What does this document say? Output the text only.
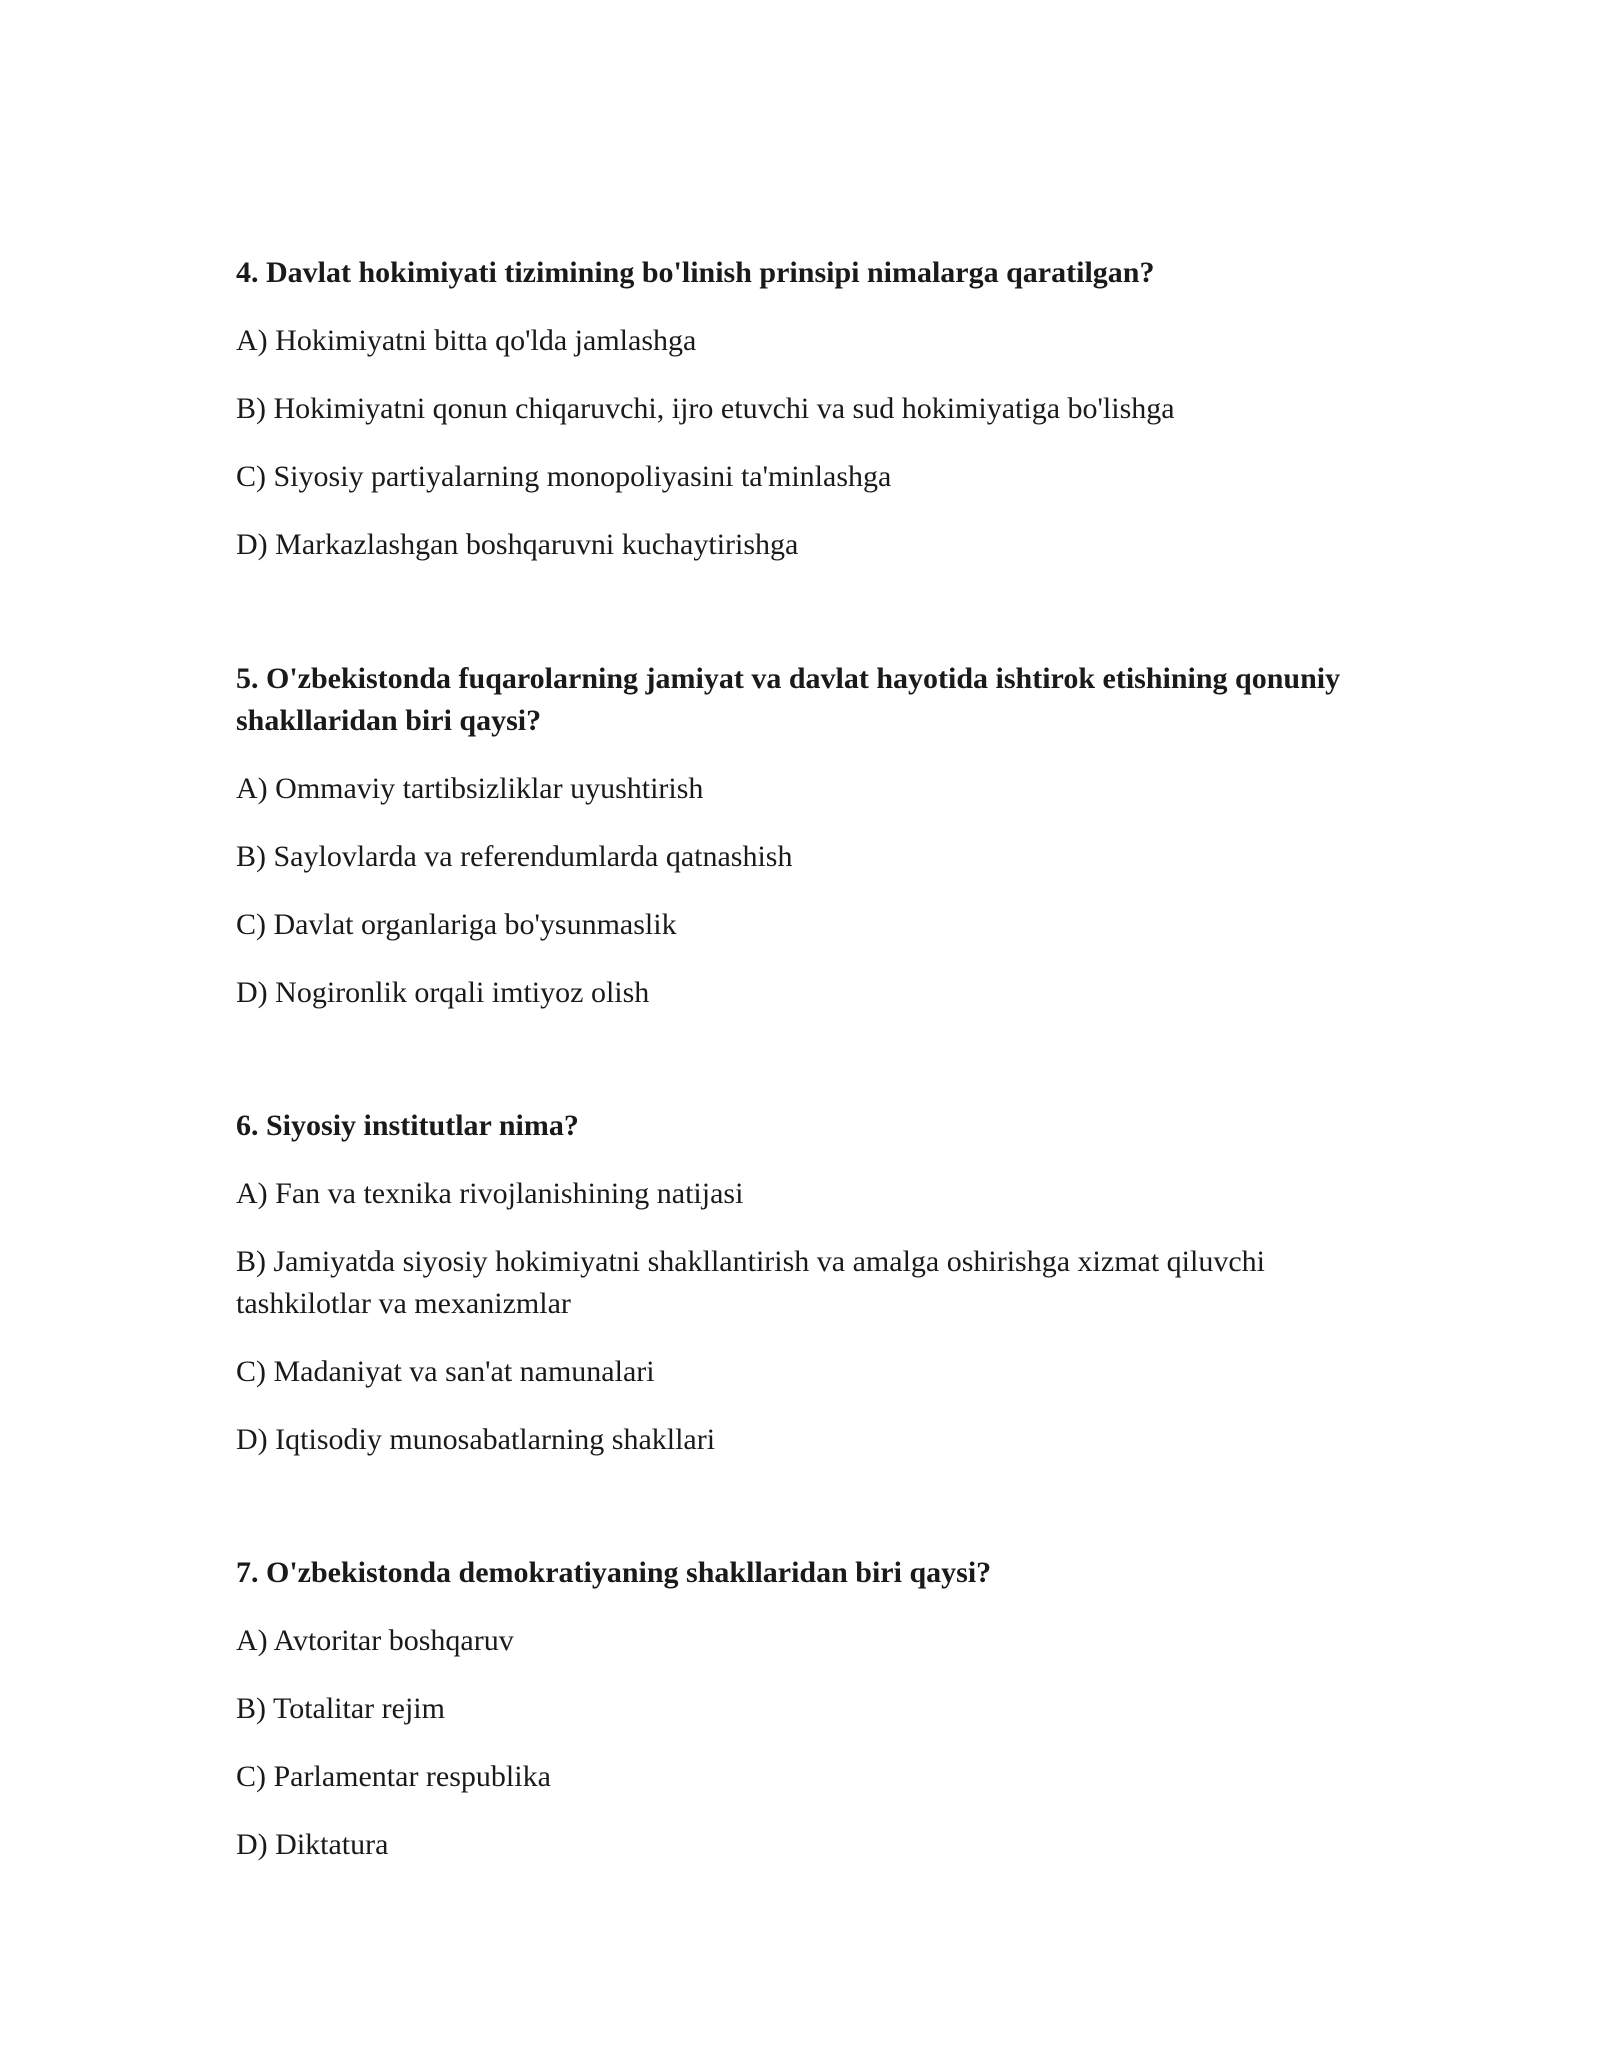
4. Davlat hokimiyati tizimining bo'linish prinsipi nimalarga qaratilgan?

A) Hokimiyatni bitta qo'lda jamlashga

B) Hokimiyatni qonun chiqaruvchi, ijro etuvchi va sud hokimiyatiga bo'lishga

C) Siyosiy partiyalarning monopoliyasini ta'minlashga

D) Markazlashgan boshqaruvni kuchaytirishga

5. O'zbekistonda fuqarolarning jamiyat va davlat hayotida ishtirok etishining qonuniy shakllaridan biri qaysi?

A) Ommaviy tartibsizliklar uyushtirish

B) Saylovlarda va referendumlarda qatnashish

C) Davlat organlariga bo'ysunmaslik

D) Nogironlik orqali imtiyoz olish

6. Siyosiy institutlar nima?

A) Fan va texnika rivojlanishining natijasi

B) Jamiyatda siyosiy hokimiyatni shakllantirish va amalga oshirishga xizmat qiluvchi tashkilotlar va mexanizmlar

C) Madaniyat va san'at namunalari

D) Iqtisodiy munosabatlarning shakllari

7. O'zbekistonda demokratiyaning shakllaridan biri qaysi?

A) Avtoritar boshqaruv

B) Totalitar rejim

C) Parlamentar respublika

D) Diktatura
